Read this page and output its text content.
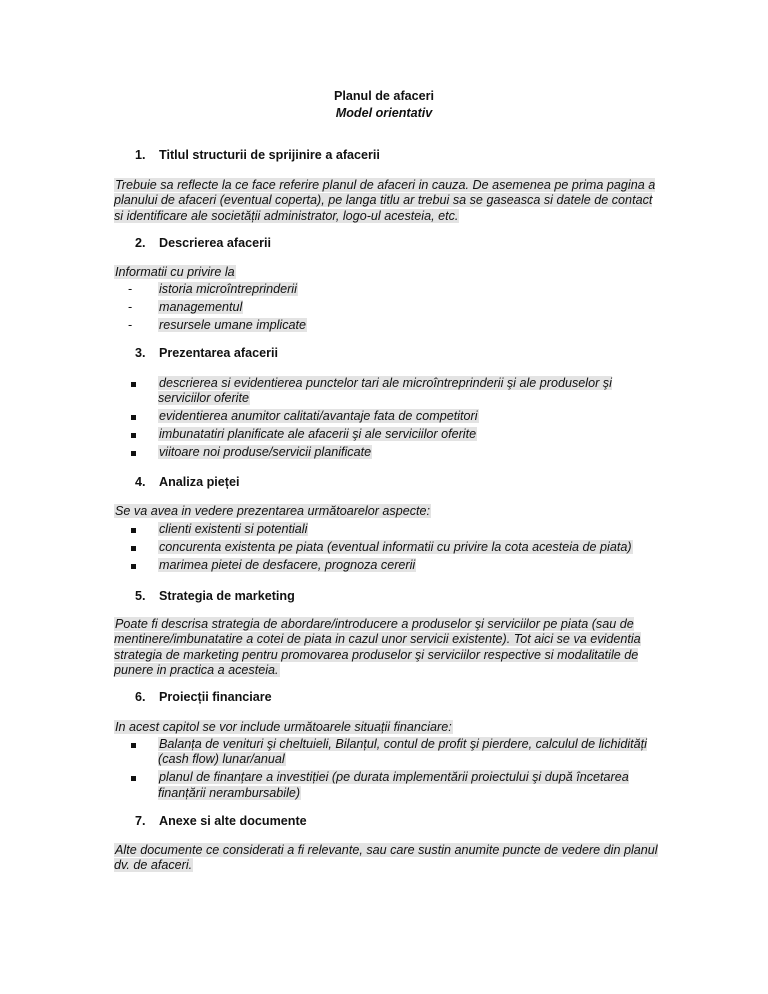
Planul de afaceri
Model orientativ
1. Titlul structurii de sprijinire a afacerii
Trebuie sa reflecte la ce face referire planul de afaceri in cauza. De asemenea pe prima pagina a planului de afaceri (eventual coperta), pe langa titlu ar trebui sa se gaseasca si datele de contact si identificare ale societății administrator, logo-ul acesteia, etc.
2. Descrierea afacerii
Informatii cu privire la
-	istoria microîntreprinderii
-	managementul
-	resursele umane implicate
3. Prezentarea afacerii
descrierea si evidentierea punctelor tari ale microîntreprinderii şi ale produselor şi serviciilor oferite
evidentierea anumitor calitati/avantaje fata de competitori
imbunatatiri planificate ale afacerii şi ale serviciilor oferite
viitoare noi produse/servicii planificate
4. Analiza pieței
Se va avea in vedere prezentarea următoarelor aspecte:
clienti existenti si potentiali
concurenta existenta pe piata (eventual informatii cu privire la cota acesteia de piata)
marimea pietei de desfacere, prognoza cererii
5. Strategia de marketing
Poate fi descrisa strategia de abordare/introducere a produselor şi serviciilor pe piata (sau de mentinere/imbunatatire a cotei de piata in cazul unor servicii existente). Tot aici se va evidentia strategia de marketing pentru promovarea produselor şi serviciilor respective si modalitatile de punere in practica a acesteia.
6. Proiecții financiare
In acest capitol se vor include următoarele situații financiare:
Balanța de venituri şi cheltuieli, Bilanțul, contul de profit şi pierdere, calculul de lichidități (cash flow) lunar/anual
planul de finanțare a investiției (pe durata implementării proiectului şi după încetarea finanțării nerambursabile)
7. Anexe si alte documente
Alte documente ce considerati a fi relevante, sau care sustin anumite puncte de vedere din planul dv. de afaceri.
